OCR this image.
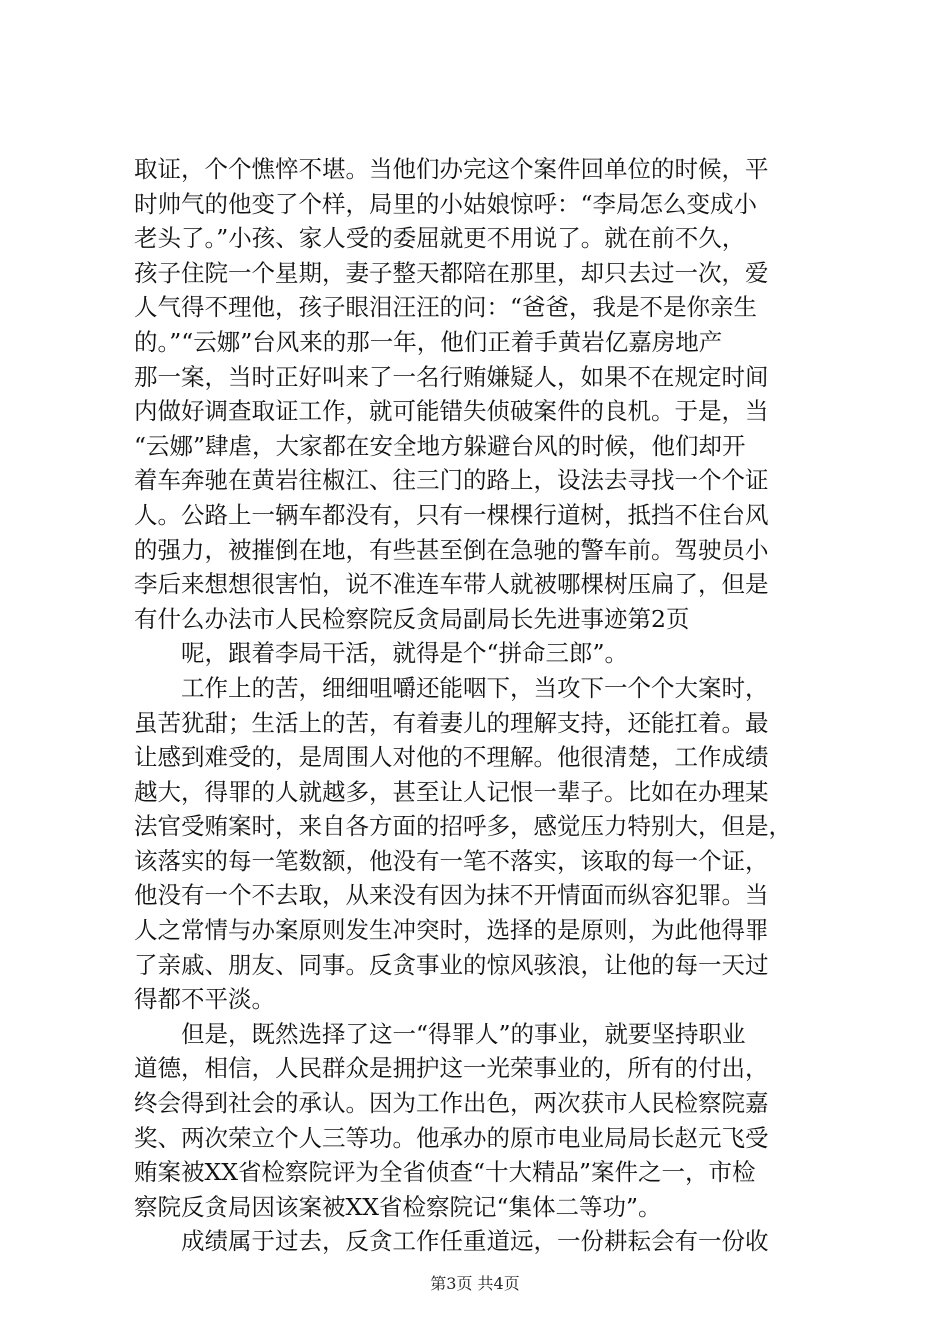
取证，个个憔悴不堪。当他们办完这个案件回单位的时候，平
时帅气的他变了个样，局里的小姑娘惊呼：“李局怎么变成小
老头了。”小孩、家人受的委屈就更不用说了。就在前不久，
孩子住院一个星期，妻子整天都陪在那里，却只去过一次，爱
人气得不理他，孩子眼泪汪汪的问：“爸爸，我是不是你亲生
的。”“云娜”台风来的那一年，他们正着手黄岩亿嘉房地产
那一案，当时正好叫来了一名行贿嫌疑人，如果不在规定时间
内做好调查取证工作，就可能错失侦破案件的良机。于是，当
“云娜”肆虐，大家都在安全地方躲避台风的时候，他们却开
着车奔驰在黄岩往椒江、往三门的路上，设法去寻找一个个证
人。公路上一辆车都没有，只有一棵棵行道树，抵挡不住台风
的强力，被摧倒在地，有些甚至倒在急驰的警车前。驾驶员小
李后来想想很害怕，说不准连车带人就被哪棵树压扁了，但是
有什么办法市人民检察院反贪局副局长先进事迹第2页
　　呢，跟着李局干活，就得是个“拼命三郎”。
　　工作上的苦，细细咀嚼还能咽下，当攻下一个个大案时，
虽苦犹甜；生活上的苦，有着妻儿的理解支持，还能扛着。最
让感到难受的，是周围人对他的不理解。他很清楚，工作成绩
越大，得罪的人就越多，甚至让人记恨一辈子。比如在办理某
法官受贿案时，来自各方面的招呼多，感觉压力特别大，但是，
该落实的每一笔数额，他没有一笔不落实，该取的每一个证，
他没有一个不去取，从来没有因为抹不开情面而纵容犯罪。当
人之常情与办案原则发生冲突时，选择的是原则，为此他得罪
了亲戚、朋友、同事。反贪事业的惊风骇浪，让他的每一天过
得都不平淡。
　　但是，既然选择了这一“得罪人”的事业，就要坚持职业
道德，相信，人民群众是拥护这一光荣事业的，所有的付出，
终会得到社会的承认。因为工作出色，两次获市人民检察院嘉
奖、两次荣立个人三等功。他承办的原市电业局局长赵元飞受
贿案被XX省检察院评为全省侦查“十大精品”案件之一，市检
察院反贪局因该案被XX省检察院记“集体二等功”。
　　成绩属于过去，反贪工作任重道远，一份耕耘会有一份收
第3页 共4页
